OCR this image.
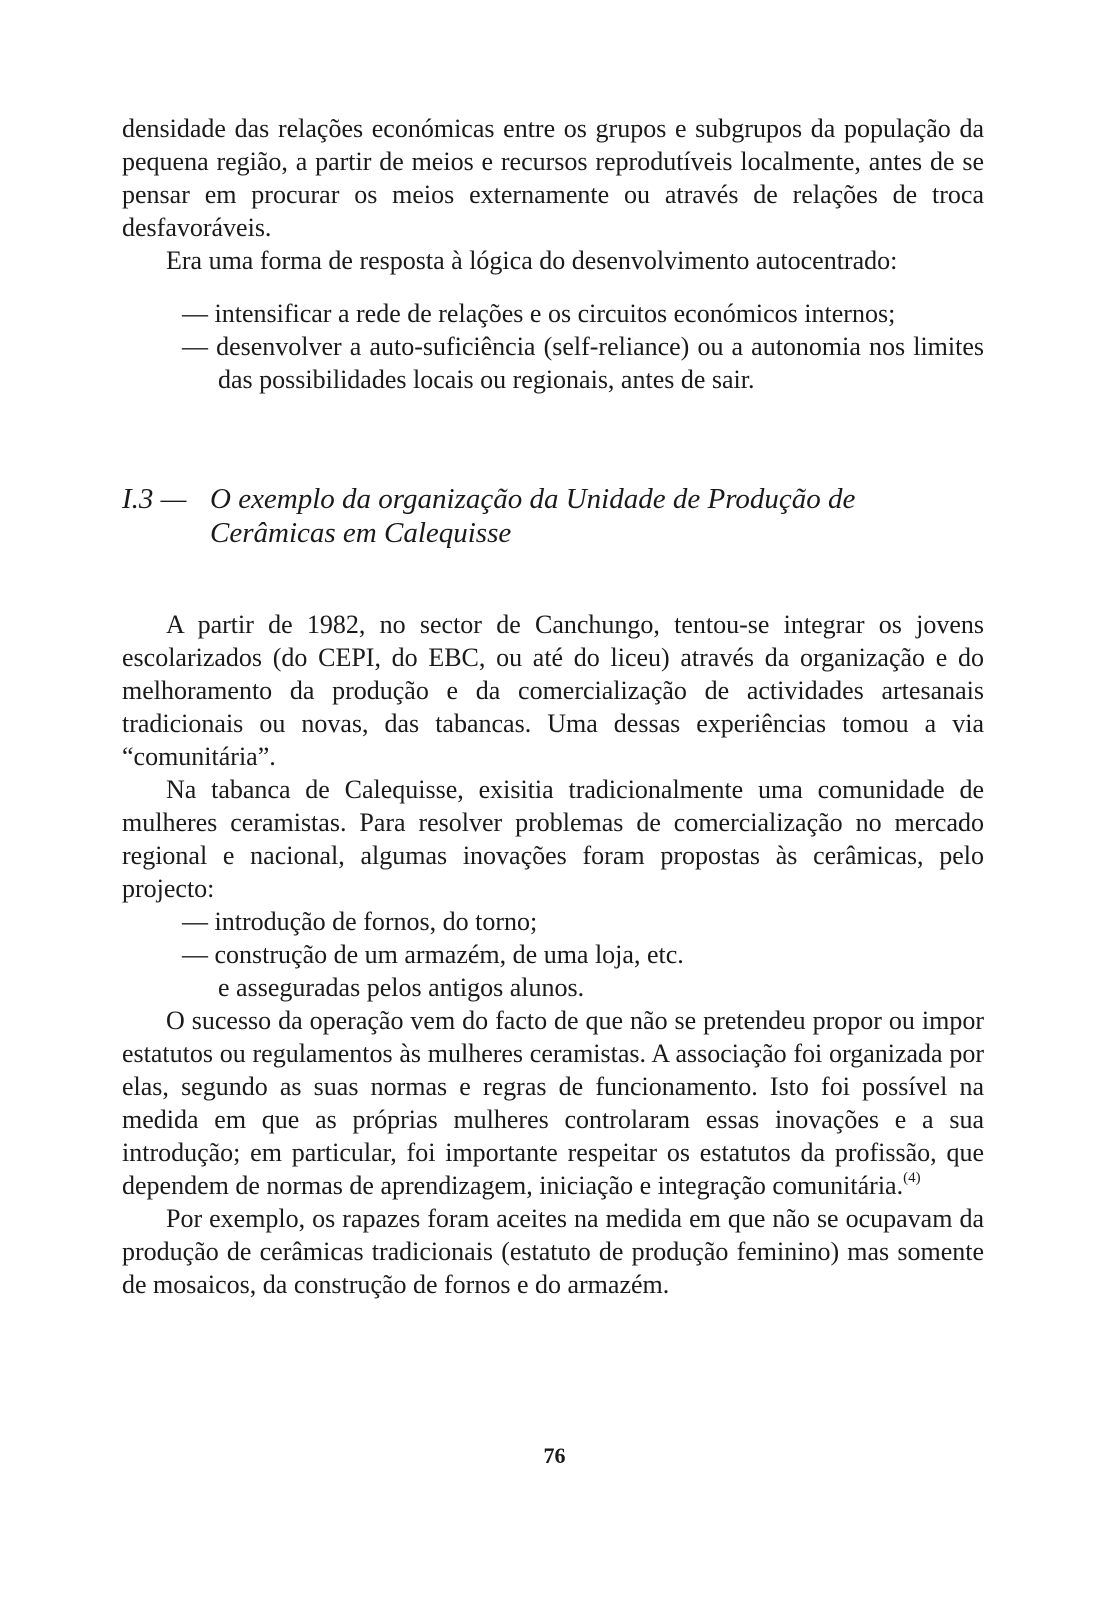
densidade das relações económicas entre os grupos e subgrupos da população da pequena região, a partir de meios e recursos reprodutíveis localmente, antes de se pensar em procurar os meios externamente ou através de relações de troca desfavoráveis.

Era uma forma de resposta à lógica do desenvolvimento autocentrado:

— intensificar a rede de relações e os circuitos económicos internos;
— desenvolver a auto-suficiência (self-reliance) ou a autonomia nos limites das possibilidades locais ou regionais, antes de sair.
I.3 — O exemplo da organização da Unidade de Produção de Cerâmicas em Calequisse

A partir de 1982, no sector de Canchungo, tentou-se integrar os jovens escolarizados (do CEPI, do EBC, ou até do liceu) através da organização e do melhoramento da produção e da comercialização de actividades artesanais tradicionais ou novas, das tabancas. Uma dessas experiências tomou a via “comunitária”.

Na tabanca de Calequisse, exisitia tradicionalmente uma comunidade de mulheres ceramistas. Para resolver problemas de comercialização no mercado regional e nacional, algumas inovações foram propostas às cerâmicas, pelo projecto:

— introdução de fornos, do torno;
— construção de um armazém, de uma loja, etc.
e asseguradas pelos antigos alunos.

O sucesso da operação vem do facto de que não se pretendeu propor ou impor estatutos ou regulamentos às mulheres ceramistas. A associação foi organizada por elas, segundo as suas normas e regras de funcionamento. Isto foi possível na medida em que as próprias mulheres controlaram essas inovações e a sua introdução; em particular, foi importante respeitar os estatutos da profissão, que dependem de normas de aprendizagem, iniciação e integração comunitária.$^{(4)}$

Por exemplo, os rapazes foram aceites na medida em que não se ocupavam da produção de cerâmicas tradicionais (estatuto de produção feminino) mas somente de mosaicos, da construção de fornos e do armazém.

76
